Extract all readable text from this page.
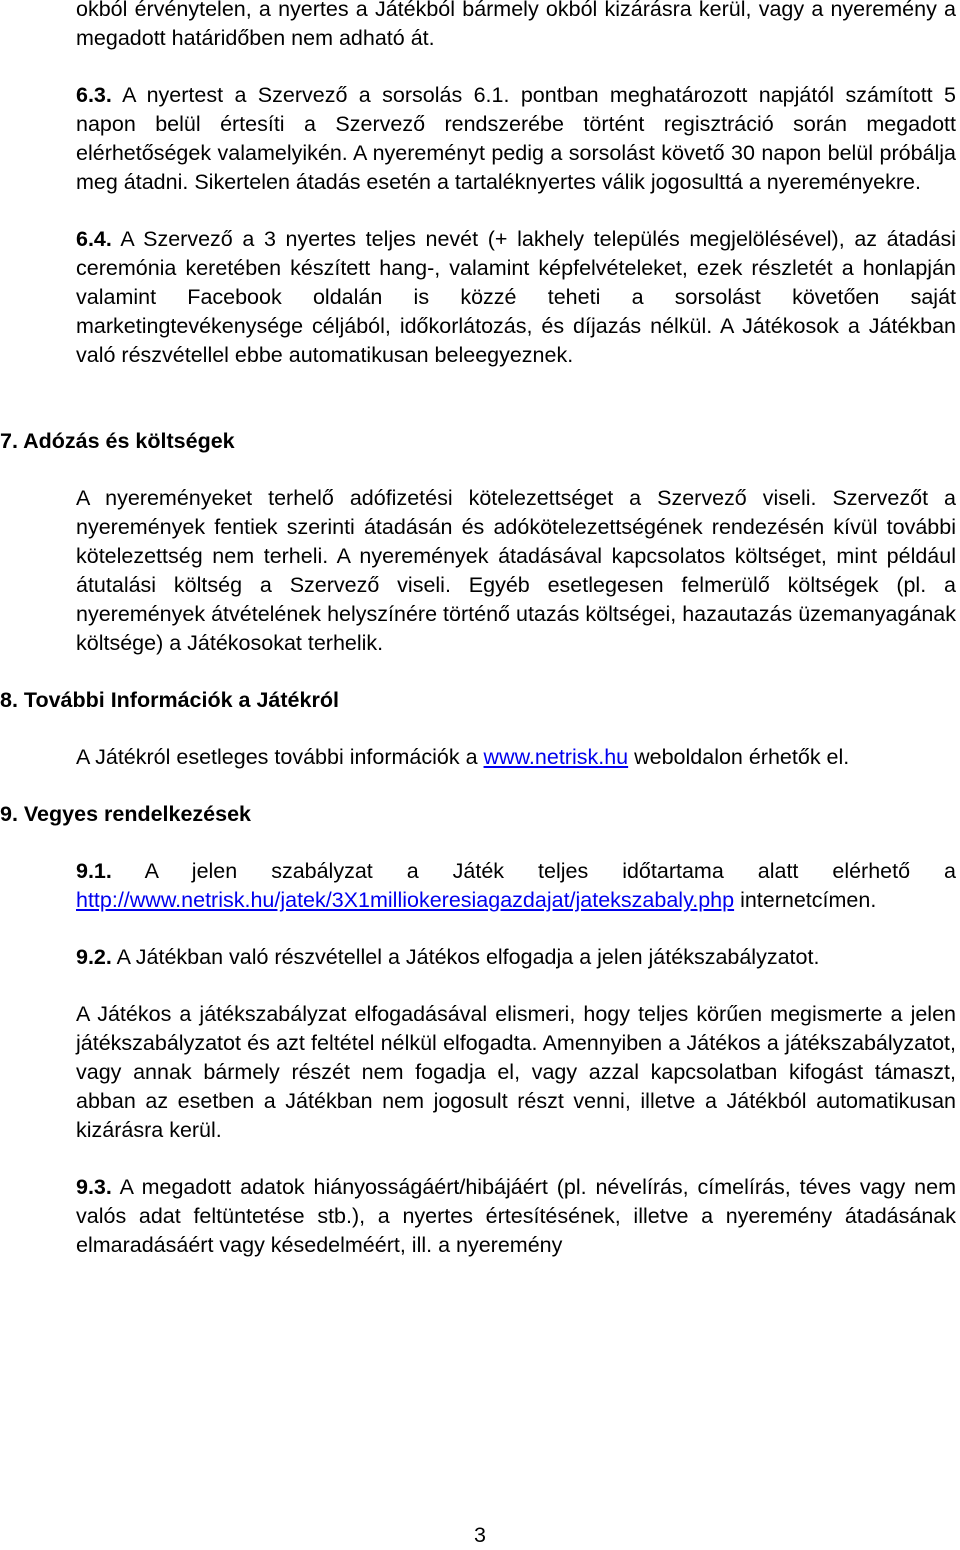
okból érvénytelen, a nyertes a Játékból bármely okból kizárásra kerül, vagy a nyeremény a megadott határidőben nem adható át.

6.3. A nyertest a Szervező a sorsolás 6.1. pontban meghatározott napjától számított 5 napon belül értesíti a Szervező rendszerébe történt regisztráció során megadott elérhetőségek valamelyikén. A nyereményt pedig a sorsolást követő 30 napon belül próbálja meg átadni. Sikertelen átadás esetén a tartaléknyertes válik jogosulttá a nyereményekre.

6.4. A Szervező a 3 nyertes teljes nevét (+ lakhely település megjelölésével), az átadási ceremónia keretében készített hang-, valamint képfelvételeket, ezek részletét a honlapján valamint Facebook oldalán is közzé teheti a sorsolást követően saját marketingtevékenysége céljából, időkorlátozás, és díjazás nélkül. A Játékosok a Játékban való részvétellel ebbe automatikusan beleegyeznek.

7. Adózás és költségek

A nyereményeket terhelő adófizetési kötelezettséget a Szervező viseli. Szervezőt a nyeremények fentiek szerinti átadásán és adókötelezettségének rendezésén kívül további kötelezettség nem terheli. A nyeremények átadásával kapcsolatos költséget, mint például átutalási költség a Szervező viseli. Egyéb esetlegesen felmerülő költségek (pl. a nyeremények átvételének helyszínére történő utazás költségei, hazautazás üzemanyagának költsége) a Játékosokat terhelik.

8. További Információk a Játékról

A Játékról esetleges további információk a www.netrisk.hu weboldalon érhetők el.

9. Vegyes rendelkezések

9.1. A jelen szabályzat a Játék teljes időtartama alatt elérhető a http://www.netrisk.hu/jatek/3X1milliokeresiagazdajat/jatekszabaly.php internetcímen.

9.2. A Játékban való részvétellel a Játékos elfogadja a jelen játékszabályzatot.

A Játékos a játékszabályzat elfogadásával elismeri, hogy teljes körűen megismerte a jelen játékszabályzatot és azt feltétel nélkül elfogadta. Amennyiben a Játékos a játékszabályzatot, vagy annak bármely részét nem fogadja el, vagy azzal kapcsolatban kifogást támaszt, abban az esetben a Játékban nem jogosult részt venni, illetve a Játékból automatikusan kizárásra kerül.

9.3. A megadott adatok hiányosságáért/hibájáért (pl. névelírás, címelírás, téves vagy nem valós adat feltüntetése stb.), a nyertes értesítésének, illetve a nyeremény átadásának elmaradásáért vagy késedelméért, ill. a nyeremény

3
